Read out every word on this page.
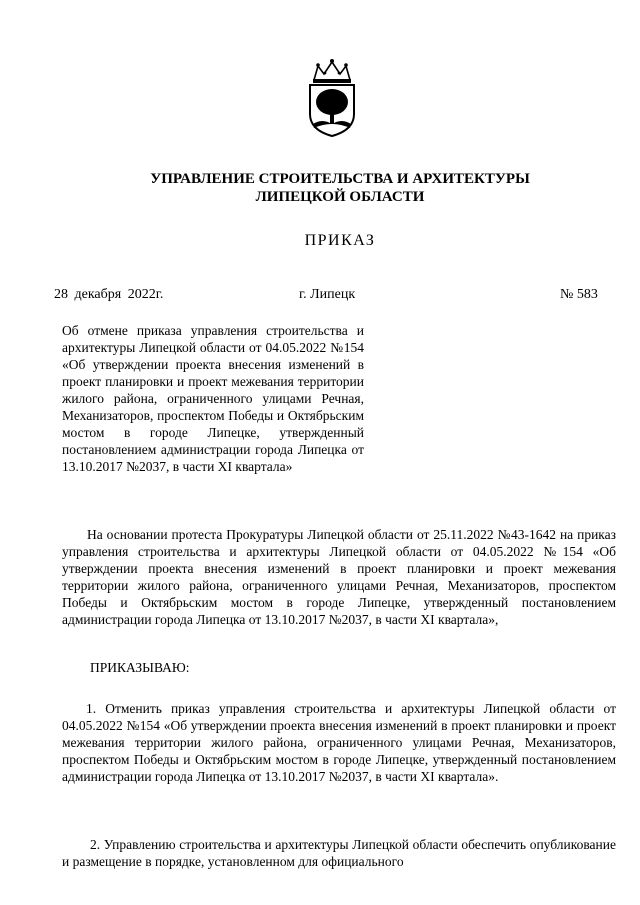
УПРАВЛЕНИЕ СТРОИТЕЛЬСТВА И АРХИТЕКТУРЫ
ЛИПЕЦКОЙ ОБЛАСТИ
ПРИКАЗ
28 декабря 2022г.	г. Липецк	№ 583
Об отмене приказа управления строительства и архитектуры Липецкой области от 04.05.2022 №154 «Об утверждении проекта внесения изменений в проект планировки и проект межевания территории жилого района, ограниченного улицами Речная, Механизаторов, проспектом Победы и Октябрьским мостом в городе Липецке, утвержденный постановлением администрации города Липецка от 13.10.2017 №2037, в части XI квартала»
На основании протеста Прокуратуры Липецкой области от 25.11.2022 №43-1642 на приказ управления строительства и архитектуры Липецкой области от 04.05.2022 №154 «Об утверждении проекта внесения изменений в проект планировки и проект межевания территории жилого района, ограниченного улицами Речная, Механизаторов, проспектом Победы и Октябрьским мостом в городе Липецке, утвержденный постановлением администрации города Липецка от 13.10.2017 №2037, в части XI квартала»,
ПРИКАЗЫВАЮ:
1. Отменить приказ управления строительства и архитектуры Липецкой области от 04.05.2022 №154 «Об утверждении проекта внесения изменений в проект планировки и проект межевания территории жилого района, ограниченного улицами Речная, Механизаторов, проспектом Победы и Октябрьским мостом в городе Липецке, утвержденный постановлением администрации города Липецка от 13.10.2017 №2037, в части XI квартала».
2. Управлению строительства и архитектуры Липецкой области обеспечить опубликование и размещение в порядке, установленном для официального
